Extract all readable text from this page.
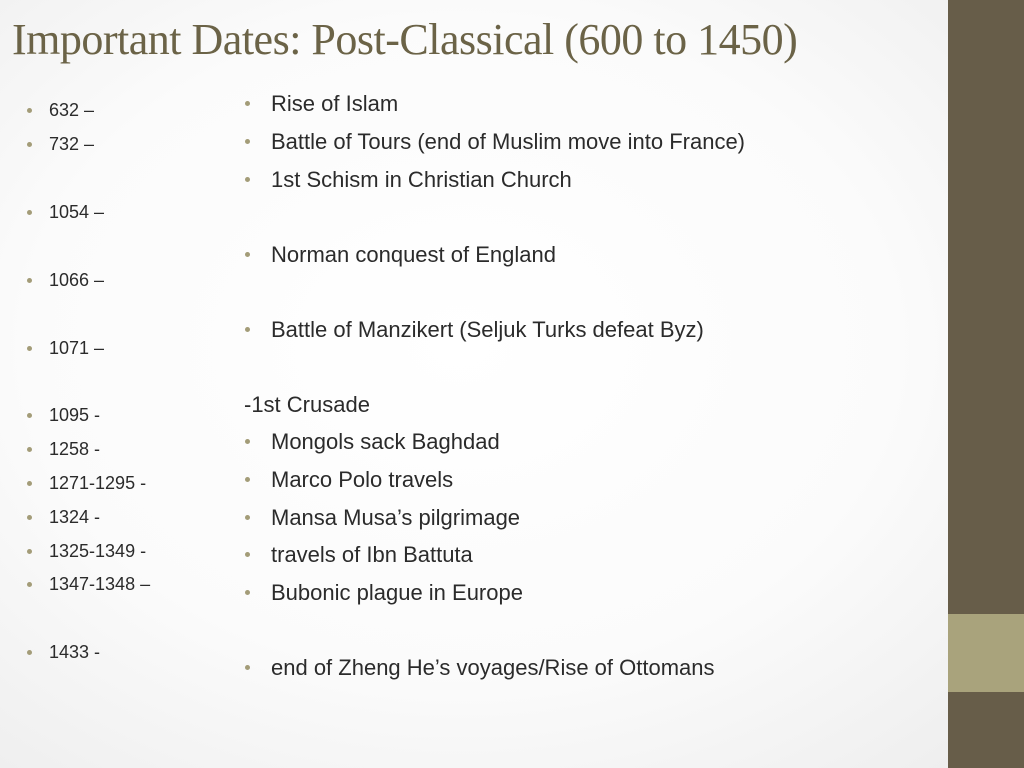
Important Dates: Post-Classical (600 to 1450)
632 –
732 –
1054 –
1066 –
1071 –
1095 -
1258 -
1271-1295 -
1324 -
1325-1349 -
1347-1348 –
1433 -
Rise of Islam
Battle of Tours (end of Muslim move into France)
1st Schism in Christian Church
Norman conquest of England
Battle of Manzikert (Seljuk Turks defeat Byz)
-1st Crusade
Mongols sack Baghdad
Marco Polo travels
Mansa Musa’s pilgrimage
travels of Ibn Battuta
Bubonic plague in Europe
end of Zheng He’s voyages/Rise of Ottomans
